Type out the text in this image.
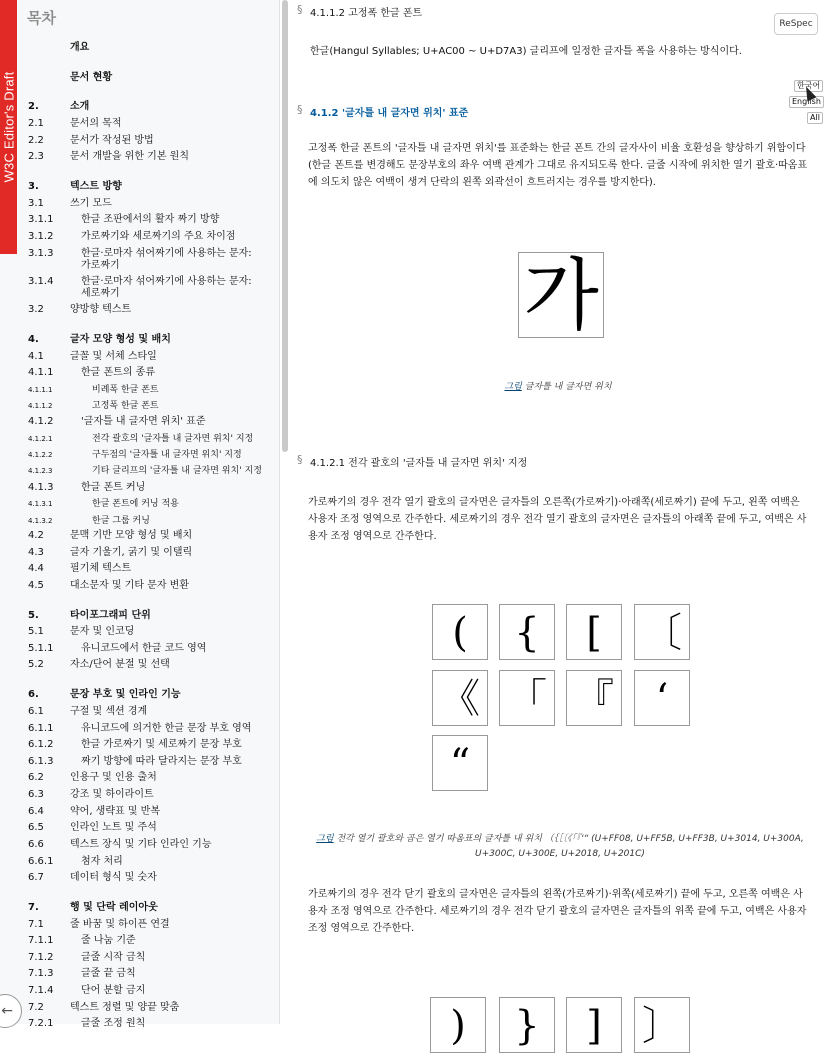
목차
개요
문서 현황
2.	소개
2.1	문서의 목적
2.2	문서가 작성된 방법
2.3	문서 개발을 위한 기본 원칙
3.	텍스트 방향
3.1	쓰기 모드
3.1.1	한글 조판에서의 활자 짜기 방향
3.1.2	가로짜기와 세로짜기의 주요 차이점
3.1.3	한글·로마자 섞어짜기에 사용하는 문자: 가로짜기
3.1.4	한글·로마자 섞어짜기에 사용하는 문자: 세로짜기
3.2	양방향 텍스트
4.	글자 모양 형성 및 배치
4.1	글꼴 및 서체 스타일
4.1.1	한글 폰트의 종류
4.1.1.1	비례폭 한글 폰트
4.1.1.2	고정폭 한글 폰트
4.1.2	'글자틀 내 글자면 위치' 표준
4.1.2.1	전각 괄호의 '글자틀 내 글자면 위치' 지정
4.1.2.2	구두점의 '글자틀 내 글자면 위치' 지정
4.1.2.3	기타 글리프의 '글자틀 내 글자면 위치' 지정
4.1.3	한글 폰트 커닝
4.1.3.1	한글 폰트에 커닝 적용
4.1.3.2	한글 그룹 커닝
4.2	문맥 기반 모양 형성 및 배치
4.3	글자 기울기, 굵기 및 이탤릭
4.4	필기체 텍스트
4.5	대소문자 및 기타 문자 변환
5.	타이포그래피 단위
5.1	문자 및 인코딩
5.1.1	유니코드에서 한글 코드 영역
5.2	자소/단어 분절 및 선택
6.	문장 부호 및 인라인 기능
6.1	구절 및 섹션 경계
6.1.1	유니코드에 의거한 한글 문장 부호 영역
6.1.2	한글 가로짜기 및 세로짜기 문장 부호
6.1.3	짜기 방향에 따라 달라지는 문장 부호
6.2	인용구 및 인용 출처
6.3	강조 및 하이라이트
6.4	약어, 생략표 및 반복
6.5	인라인 노트 및 주석
6.6	텍스트 장식 및 기타 인라인 기능
6.6.1	첨자 처리
6.7	데이터 형식 및 숫자
7.	행 및 단락 레이아웃
7.1	줄 바꿈 및 하이픈 연결
7.1.1	줄 나눔 기준
7.1.2	글줄 시작 금칙
7.1.3	글줄 끝 금칙
7.1.4	단어 분할 금지
7.2	텍스트 정렬 및 양끝 맞춤
7.2.1	글줄 조정 원칙
W3C Editor's Draft
←
§ 4.1.1.2 고정폭 한글 폰트
한글(Hangul Syllables; U+AC00 ~ U+D7A3) 글리프에 일정한 글자틀 폭을 사용하는 방식이다.
§ 4.1.2 '글자틀 내 글자면 위치' 표준
고정폭 한글 폰트의 '글자틀 내 글자면 위치'를 표준화는 한글 폰트 간의 글자사이 비율 호환성을 향상하기 위함이다(한글 폰트를 변경해도 문장부호의 좌우 여백 관계가 그대로 유지되도록 한다. 글줄 시작에 위치한 열기 괄호·따옴표에 의도치 않은 여백이 생겨 단락의 왼쪽 외곽선이 흐트러지는 경우를 방지한다).
그림 글자틀 내 글자면 위치
§ 4.1.2.1 전각 괄호의 '글자틀 내 글자면 위치' 지정
가로짜기의 경우 전각 열기 괄호의 글자면은 글자틀의 오른쪽(가로짜기)·아래쪽(세로짜기) 끝에 두고, 왼쪽 여백은 사용자 조정 영역으로 간주한다. 세로짜기의 경우 전각 열기 괄호의 글자면은 글자틀의 아래쪽 끝에 두고, 여백은 사용자 조정 영역으로 간주한다.
그림 전각 열기 괄호와 곱은 열기 따옴표의 글자틀 내 위치 （｛［〔《「『‘“ (U+FF08, U+FF5B, U+FF3B, U+3014, U+300A, U+300C, U+300E, U+2018, U+201C)
가로짜기의 경우 전각 닫기 괄호의 글자면은 글자틀의 왼쪽(가로짜기)·위쪽(세로짜기) 끝에 두고, 오른쪽 여백은 사용자 조정 영역으로 간주한다. 세로짜기의 경우 전각 닫기 괄호의 글자면은 글자틀의 위쪽 끝에 두고, 여백은 사용자 조정 영역으로 간주한다.
가
(	{	[	〔
《 「 『	‘
“
)	}	]	〕
ReSpec
한국어
English
All
